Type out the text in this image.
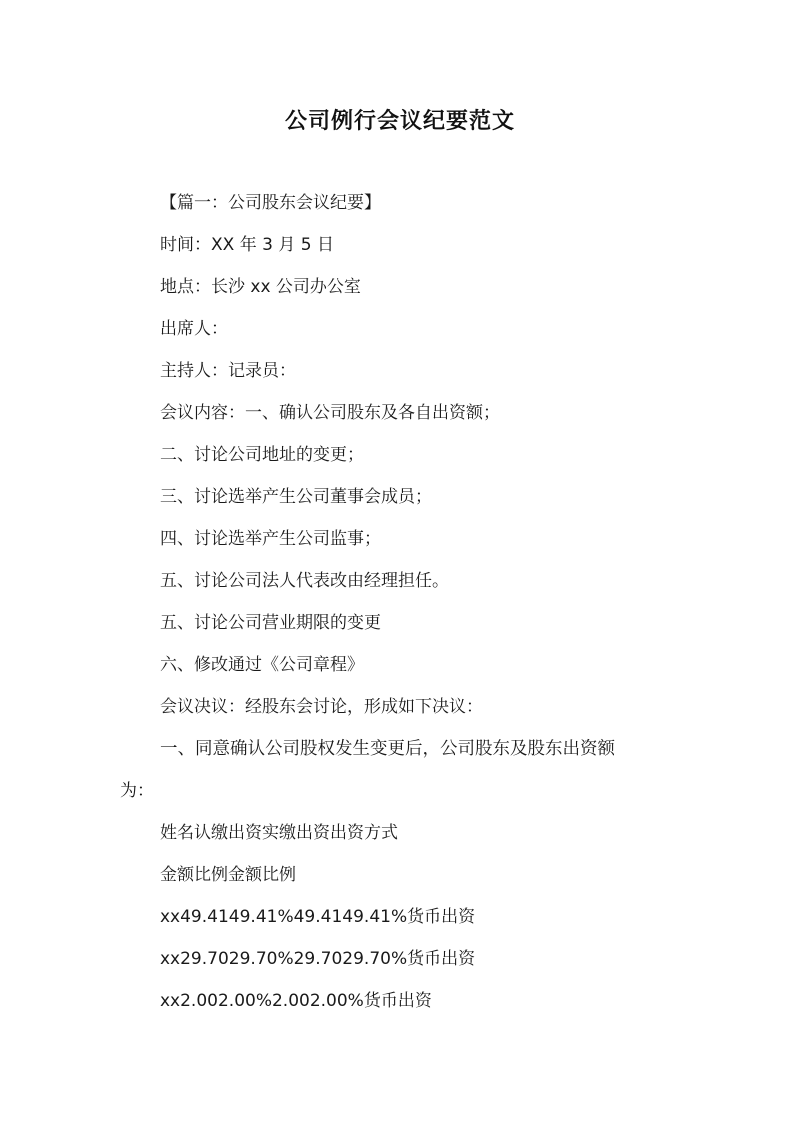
公司例行会议纪要范文
【篇一：公司股东会议纪要】
时间：XX 年 3 月 5 日
地点：长沙 xx 公司办公室
出席人：
主持人：记录员：
会议内容：一、确认公司股东及各自出资额；
二、讨论公司地址的变更；
三、讨论选举产生公司董事会成员；
四、讨论选举产生公司监事；
五、讨论公司法人代表改由经理担任。
五、讨论公司营业期限的变更
六、修改通过《公司章程》
会议决议：经股东会讨论，形成如下决议：
一、同意确认公司股权发生变更后，公司股东及股东出资额
为：
姓名认缴出资实缴出资出资方式
金额比例金额比例
xx49.4149.41%49.4149.41%货币出资
xx29.7029.70%29.7029.70%货币出资
xx2.002.00%2.002.00%货币出资
